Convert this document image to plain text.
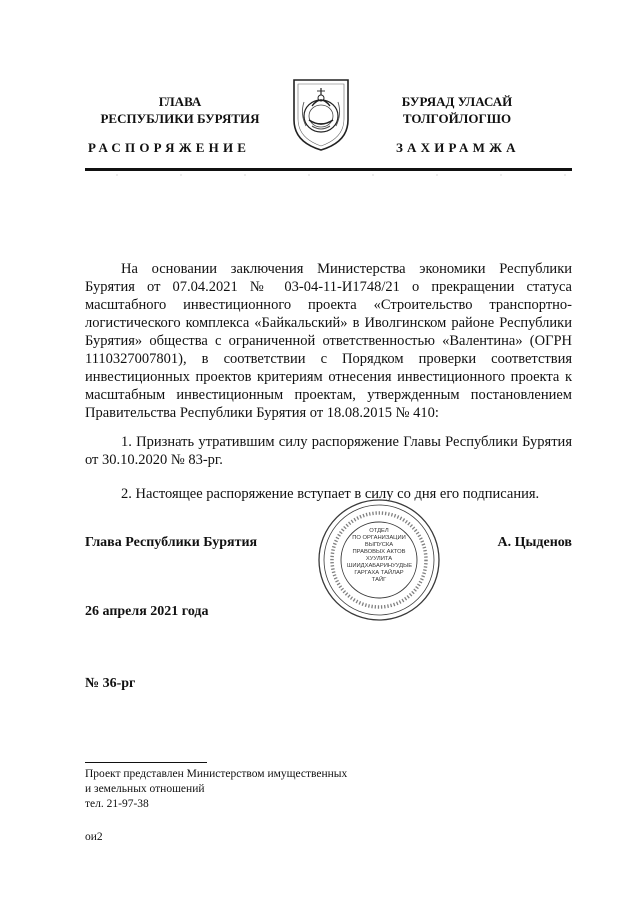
ГЛАВА
РЕСПУБЛИКИ БУРЯТИЯ
РАСПОРЯЖЕНИЕ
БУРЯАД УЛАСАЙ
ТОЛГОЙЛОГШО
ЗАХИРАМЖА

На основании заключения Министерства экономики Республики Бурятия от 07.04.2021 № 03-04-11-И1748/21 о прекращении статуса масштабного инвестиционного проекта «Строительство транспортно-логистического комплекса «Байкальский» в Иволгинском районе Республики Бурятия» общества с ограниченной ответственностью «Валентина» (ОГРН 1110327007801), в соответствии с Порядком проверки соответствия инвестиционных проектов критериям отнесения инвестиционного проекта к масштабным инвестиционным проектам, утвержденным постановлением Правительства Республики Бурятия от 18.08.2015 № 410:

1. Признать утратившим силу распоряжение Главы Республики Бурятия от 30.10.2020 № 83-рг.

2. Настоящее распоряжение вступает в силу со дня его подписания.

Глава Республики Бурятия
ОТДЕЛ
ПО ОРГАНИЗАЦИИ
ВЫПУСКА
ПРАВОВЫХ АКТОВ
ХУУЛИТА
ШИИДХАБАРИНУУДЫЕ
ГАРГАХА ТАЙЛАР
ТАЙГ
А. Цыденов
26 апреля 2021 года
№ 36-рг
Проект представлен Министерством имущественных
и земельных отношений
тел. 21-97-38
ои2
